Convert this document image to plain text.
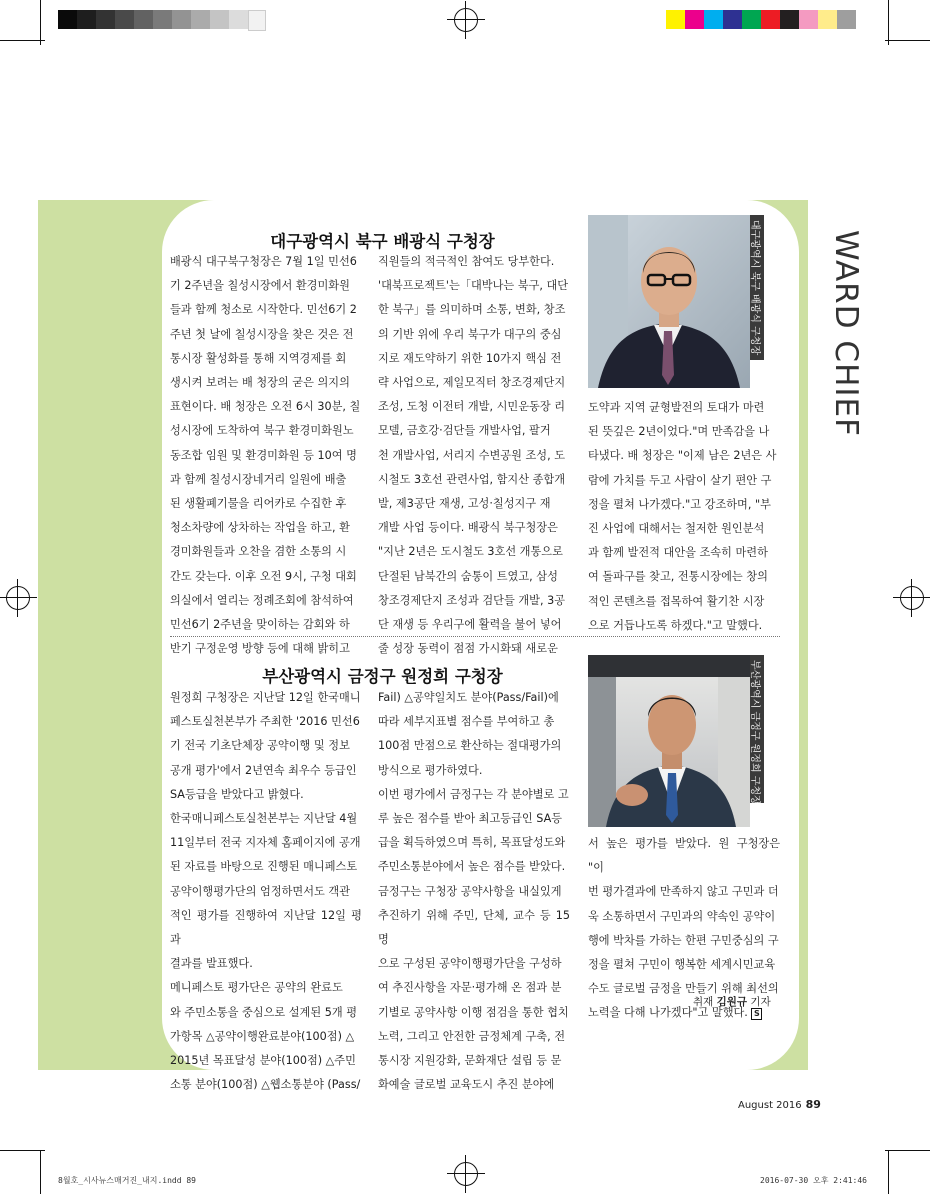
WARD CHIEF
대구광역시 북구 배광식 구청장
배광식 대구북구청장은 7월 1일 민선6
기 2주년을 칠성시장에서 환경미화원
들과 함께 청소로 시작한다. 민선6기 2
주년 첫 날에 칠성시장을 찾은 것은 전
통시장 활성화를 통해 지역경제를 회
생시켜 보려는 배 청장의 굳은 의지의
표현이다. 배 청장은 오전 6시 30분, 칠
성시장에 도착하여 북구 환경미화원노
동조합 임원 및 환경미화원 등 10여 명
과 함께 칠성시장네거리 일원에 배출
된 생활폐기물을 리어카로 수집한 후
청소차량에 상차하는 작업을 하고, 환
경미화원들과 오찬을 겸한 소통의 시
간도 갖는다. 이후 오전 9시, 구청 대회
의실에서 열리는 정례조회에 참석하여
민선6기 2주년을 맞이하는 감회와 하
반기 구정운영 방향 등에 대해 밝히고
직원들의 적극적인 참여도 당부한다.
'대북프로젝트'는「대박나는 북구, 대단
한 북구」를 의미하며 소통, 변화, 창조
의 기반 위에 우리 북구가 대구의 중심
지로 재도약하기 위한 10가지 핵심 전
략 사업으로, 제일모직터 창조경제단지
조성, 도청 이전터 개발, 시민운동장 리
모델, 금호강·검단들 개발사업, 팔거
천 개발사업, 서리지 수변공원 조성, 도
시철도 3호선 관련사업, 함지산 종합개
발, 제3공단 재생, 고성·칠성지구 재
개발 사업 등이다. 배광식 북구청장은
"지난 2년은 도시철도 3호선 개통으로
단절된 남북간의 숨통이 트였고, 삼성
창조경제단지 조성과 검단들 개발, 3공
단 재생 등 우리구에 활력을 불어 넣어
줄 성장 동력이 점점 가시화돼 새로운
대구광역시 북구 배광식 구청장
도약과 지역 균형발전의 토대가 마련
된 뜻깊은 2년이었다."며 만족감을 나
타냈다. 배 청장은 "이제 남은 2년은 사
람에 가치를 두고 사람이 살기 편안 구
정을 펼쳐 나가겠다."고 강조하며, "부
진 사업에 대해서는 철저한 원인분석
과 함께 발전적 대안을 조속히 마련하
여 돌파구를 찾고, 전통시장에는 창의
적인 콘텐츠를 접목하여 활기찬 시장
으로 거듭나도록 하겠다."고 말했다.
부산광역시 금정구 원정희 구청장
원정희 구청장은 지난달 12일 한국매니
페스토실천본부가 주최한 '2016 민선6
기 전국 기초단체장 공약이행 및 정보
공개 평가'에서 2년연속 최우수 등급인
SA등급을 받았다고 밝혔다.
한국매니페스토실천본부는 지난달 4월
11일부터 전국 지자체 홈페이지에 공개
된 자료를 바탕으로 진행된 매니페스토
공약이행평가단의 엄정하면서도 객관
적인 평가를 진행하여 지난달 12일 평과
결과를 발표했다.
메니페스토 평가단은 공약의 완료도
와 주민소통을 중심으로 설계된 5개 평
가항목 △공약이행완료분야(100점) △
2015년 목표달성 분야(100점) △주민
소통 분야(100점) △웹소통분야 (Pass/
Fail) △공약일치도 분야(Pass/Fail)에
따라 세부지표별 점수를 부여하고 총
100점 만점으로 환산하는 절대평가의
방식으로 평가하였다.
이번 평가에서 금정구는 각 분야별로 고
루 높은 점수를 받아 최고등급인 SA등
급을 획득하였으며 특히, 목표달성도와
주민소통분야에서 높은 점수를 받았다.
금정구는 구청장 공약사항을 내실있게
추진하기 위해 주민, 단체, 교수 등 15명
으로 구성된 공약이행평가단을 구성하
여 추진사항을 자문·평가해 온 점과 분
기별로 공약사항 이행 점검을 통한 협치
노력, 그리고 안전한 금정체계 구축, 전
통시장 지원강화, 문화재단 설립 등 문
화예술 글로벌 교육도시 추진 분야에
부산광역시 금정구 원정희 구청장
서 높은 평가를 받았다. 원 구청장은 "이
번 평가결과에 만족하지 않고 구민과 더
욱 소통하면서 구민과의 약속인 공약이
행에 박차를 가하는 한편 구민중심의 구
정을 펼쳐 구민이 행복한 세계시민교육
수도 글로벌 금정을 만들기 위해 최선의
노력을 다해 나가겠다"고 말했다. S
취재 김원규 기자
August 2016 89
8월호_시사뉴스매거진_내지.indd 89	2016-07-30 오후 2:41:46
